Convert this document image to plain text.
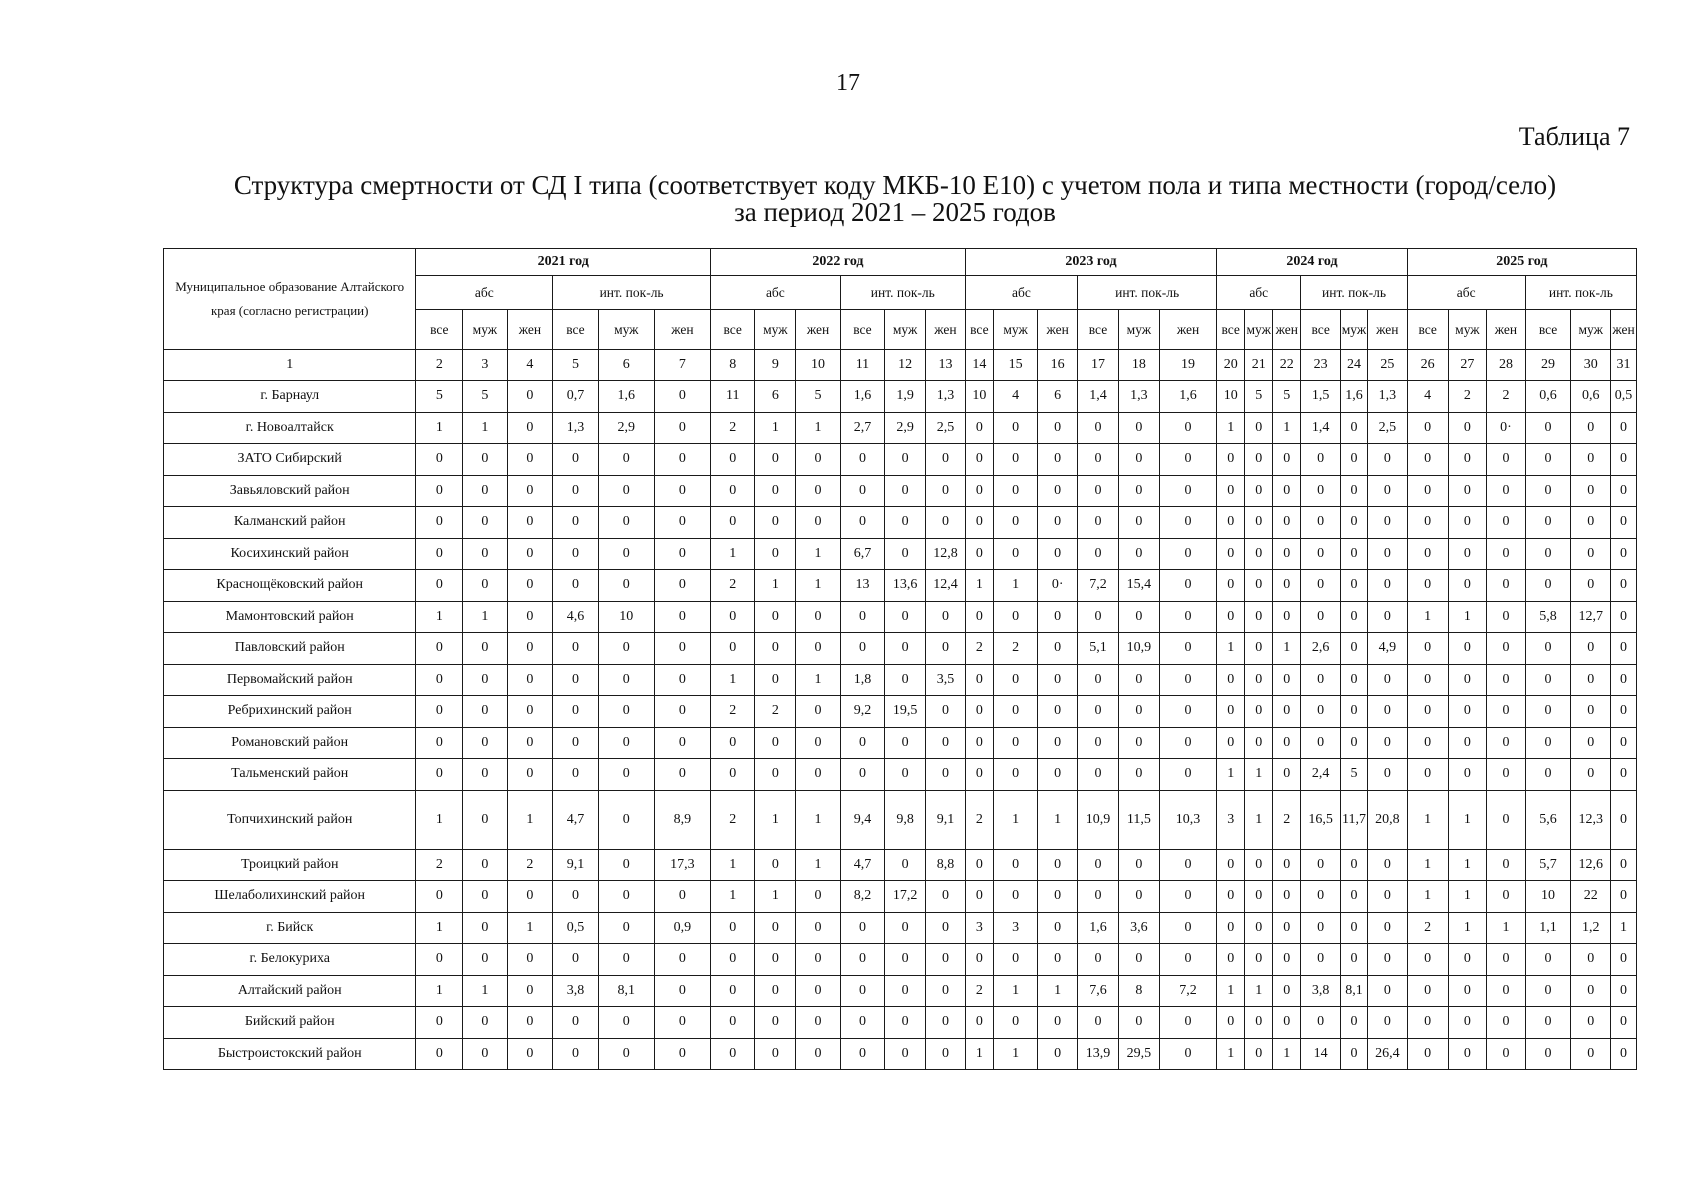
17
Таблица 7
Структура смертности от СД I типа (соответствует коду МКБ-10 Е10) с учетом пола и типа местности (город/село)
за период 2021 – 2025 годов
Муниципальное образование Алтайского края (согласно регистрации)	2021 год						2022 год						2023 год						2024 год						2025 год					
	абс			инт. пок-ль			абс			инт. пок-ль			абс			инт. пок-ль			абс			инт. пок-ль			абс			инт. пок-ль		
	все	муж	жен	все	муж	жен	все	муж	жен	все	муж	жен	все	муж	жен	все	муж	жен	все	муж	жен	все	муж	жен	все	муж	жен	все	муж	жен
1	2	3	4	5	6	7	8	9	10	11	12	13	14	15	16	17	18	19	20	21	22	23	24	25	26	27	28	29	30	31
г. Барнаул	5	5	0	0,7	1,6	0	11	6	5	1,6	1,9	1,3	10	4	6	1,4	1,3	1,6	10	5	5	1,5	1,6	1,3	4	2	2	0,6	0,6	0,5
г. Новоалтайск	1	1	0	1,3	2,9	0	2	1	1	2,7	2,9	2,5	0	0	0	0	0	0	1	0	1	1,4	0	2,5	0	0	0·	0	0	0
ЗАТО Сибирский	0	0	0	0	0	0	0	0	0	0	0	0	0	0	0	0	0	0	0	0	0	0	0	0	0	0	0	0	0	0
Завьяловский район	0	0	0	0	0	0	0	0	0	0	0	0	0	0	0	0	0	0	0	0	0	0	0	0	0	0	0	0	0	0
Калманский район	0	0	0	0	0	0	0	0	0	0	0	0	0	0	0	0	0	0	0	0	0	0	0	0	0	0	0	0	0	0
Косихинский район	0	0	0	0	0	0	1	0	1	6,7	0	12,8	0	0	0	0	0	0	0	0	0	0	0	0	0	0	0	0	0	0
Краснощёковский район	0	0	0	0	0	0	2	1	1	13	13,6	12,4	1	1	0·	7,2	15,4	0	0	0	0	0	0	0	0	0	0	0	0	0
Мамонтовский район	1	1	0	4,6	10	0	0	0	0	0	0	0	0	0	0	0	0	0	0	0	0	0	0	0	1	1	0	5,8	12,7	0
Павловский район	0	0	0	0	0	0	0	0	0	0	0	0	2	2	0	5,1	10,9	0	1	0	1	2,6	0	4,9	0	0	0	0	0	0
Первомайский район	0	0	0	0	0	0	1	0	1	1,8	0	3,5	0	0	0	0	0	0	0	0	0	0	0	0	0	0	0	0	0	0
Ребрихинский район	0	0	0	0	0	0	2	2	0	9,2	19,5	0	0	0	0	0	0	0	0	0	0	0	0	0	0	0	0	0	0	0
Романовский район	0	0	0	0	0	0	0	0	0	0	0	0	0	0	0	0	0	0	0	0	0	0	0	0	0	0	0	0	0	0
Тальменский район	0	0	0	0	0	0	0	0	0	0	0	0	0	0	0	0	0	0	1	1	0	2,4	5	0	0	0	0	0	0	0
Топчихинский район	1	0	1	4,7	0	8,9	2	1	1	9,4	9,8	9,1	2	1	1	10,9	11,5	10,3	3	1	2	16,5	11,7	20,8	1	1	0	5,6	12,3	0
Троицкий район	2	0	2	9,1	0	17,3	1	0	1	4,7	0	8,8	0	0	0	0	0	0	0	0	0	0	0	0	1	1	0	5,7	12,6	0
Шелаболихинский район	0	0	0	0	0	0	1	1	0	8,2	17,2	0	0	0	0	0	0	0	0	0	0	0	0	0	1	1	0	10	22	0
г. Бийск	1	0	1	0,5	0	0,9	0	0	0	0	0	0	3	3	0	1,6	3,6	0	0	0	0	0	0	0	2	1	1	1,1	1,2	1
г. Белокуриха	0	0	0	0	0	0	0	0	0	0	0	0	0	0	0	0	0	0	0	0	0	0	0	0	0	0	0	0	0	0
Алтайский район	1	1	0	3,8	8,1	0	0	0	0	0	0	0	2	1	1	7,6	8	7,2	1	1	0	3,8	8,1	0	0	0	0	0	0	0
Бийский район	0	0	0	0	0	0	0	0	0	0	0	0	0	0	0	0	0	0	0	0	0	0	0	0	0	0	0	0	0	0
Быстроистокский район	0	0	0	0	0	0	0	0	0	0	0	0	1	1	0	13,9	29,5	0	1	0	1	14	0	26,4	0	0	0	0	0	0
